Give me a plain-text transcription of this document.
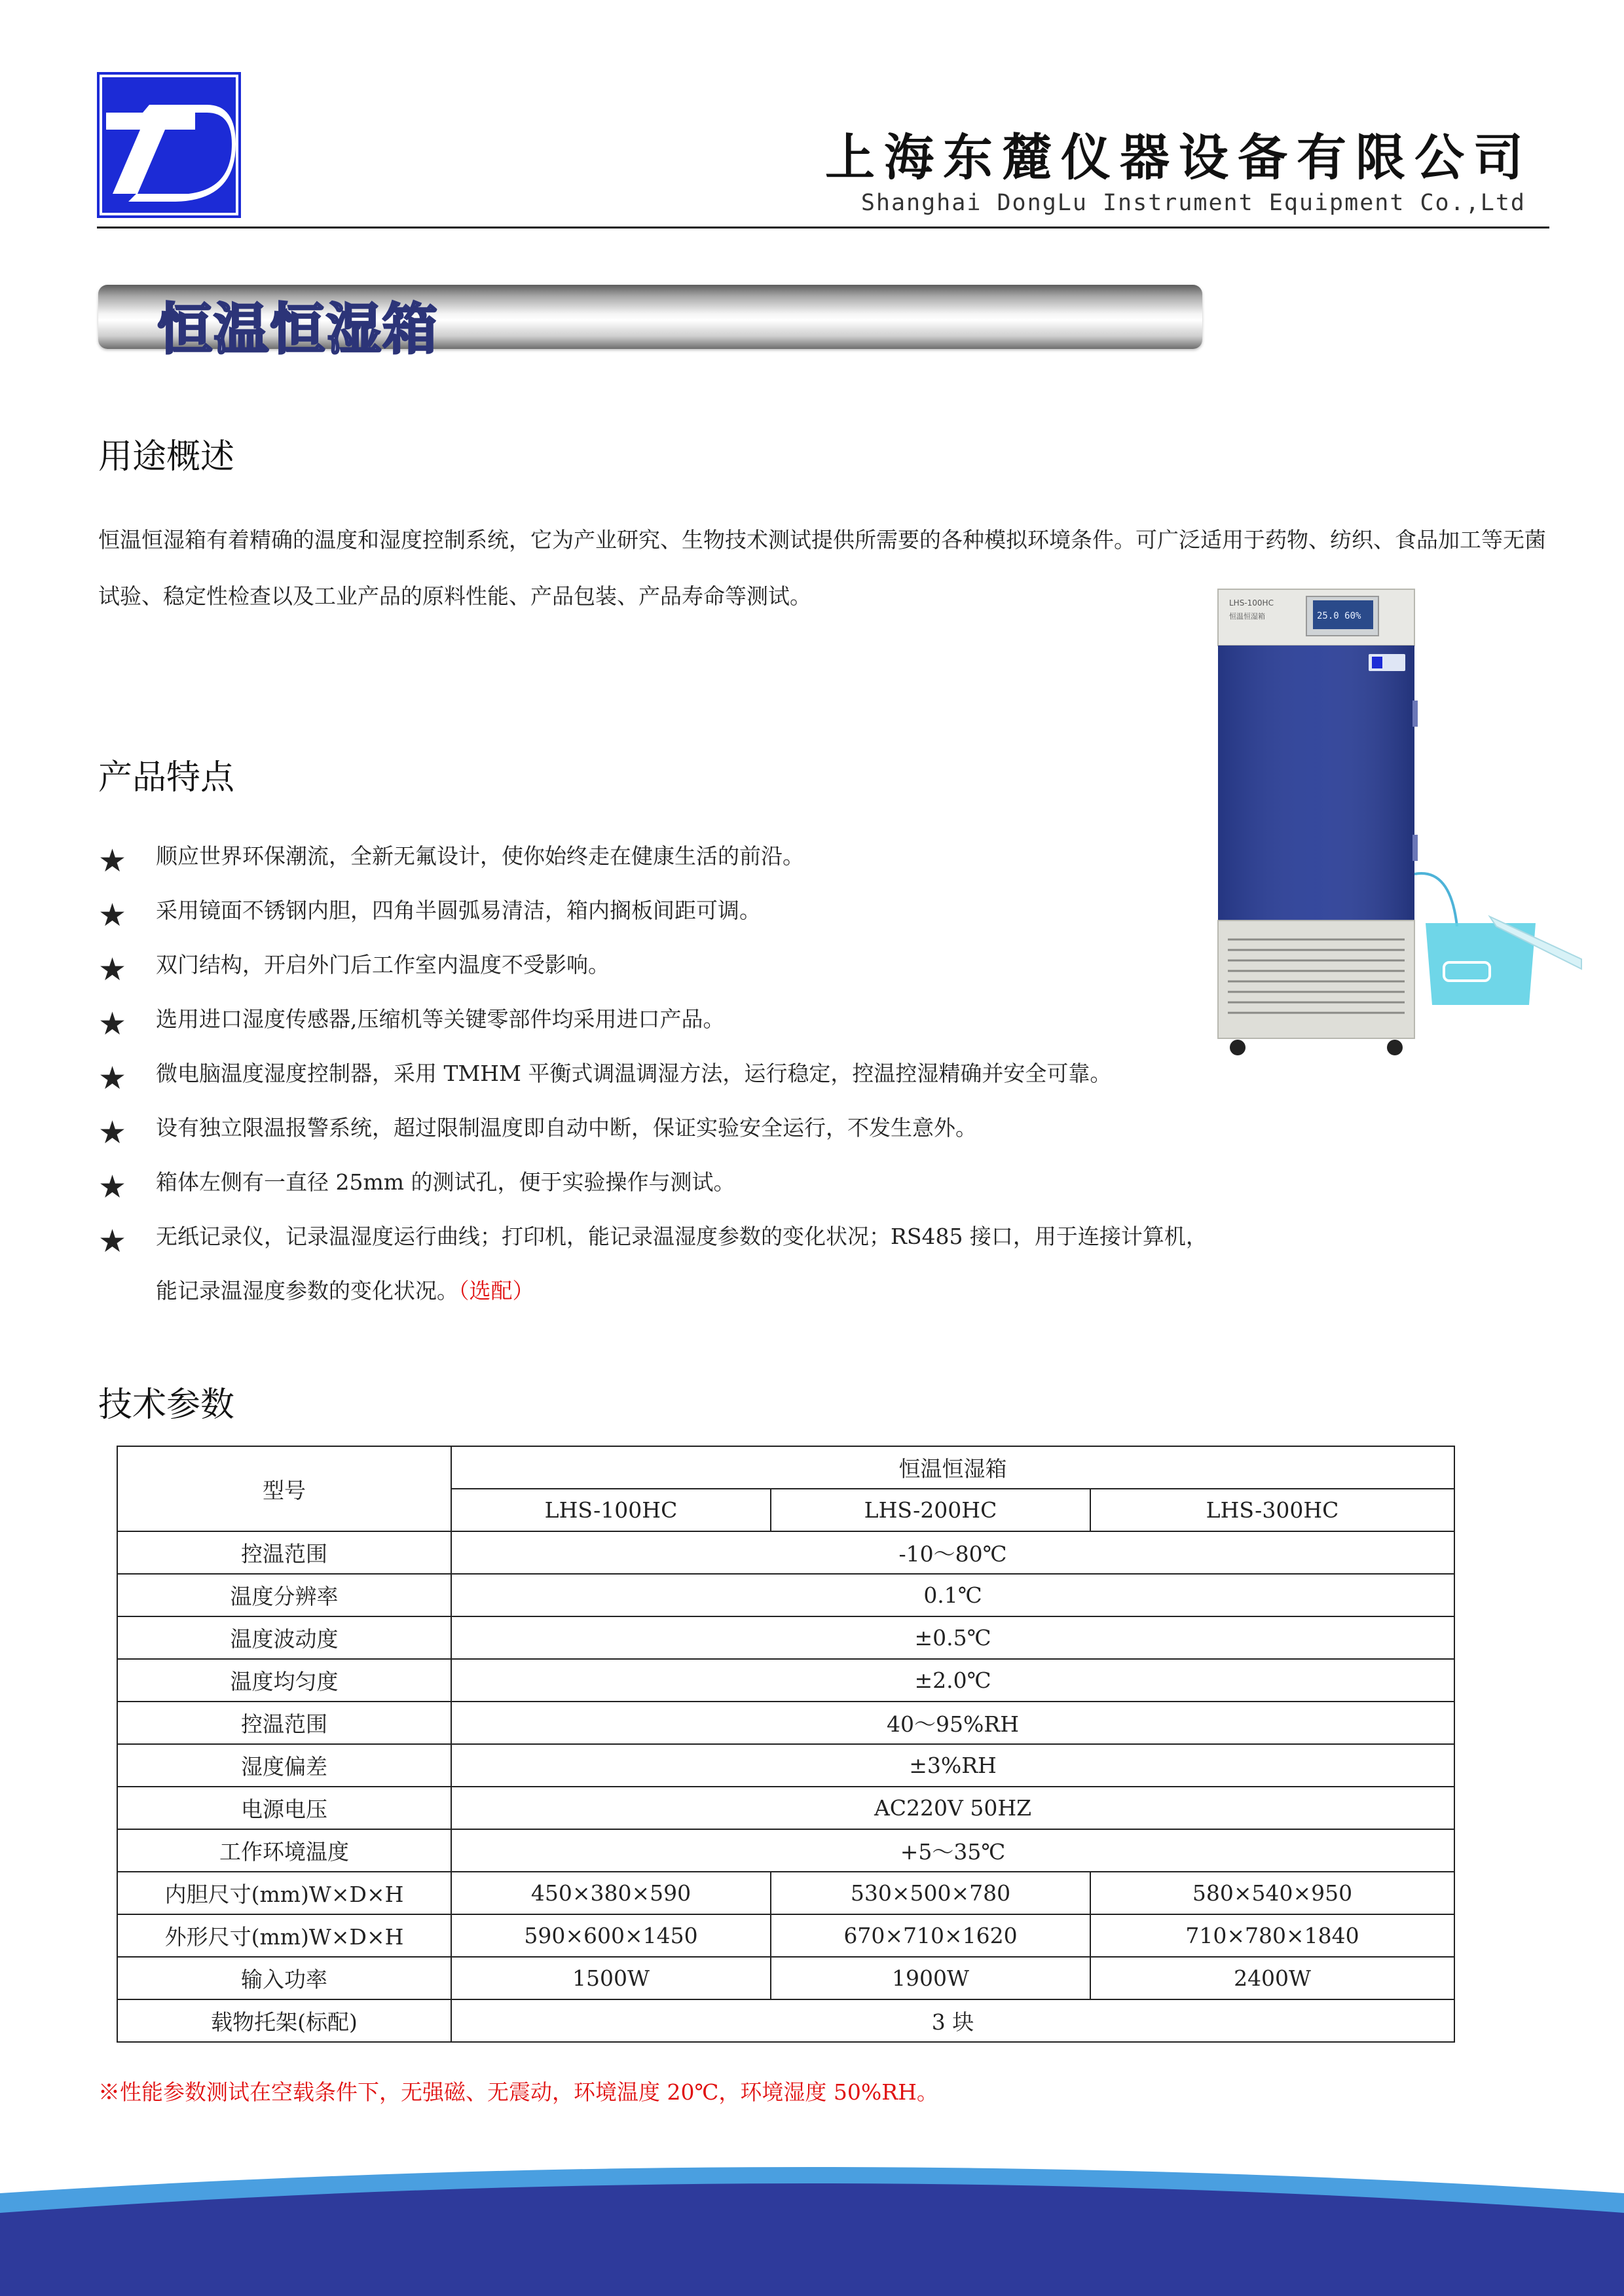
上海东麓仪器设备有限公司
Shanghai DongLu Instrument Equipment Co.,Ltd
恒温恒湿箱
用途概述
恒温恒湿箱有着精确的温度和湿度控制系统，它为产业研究、生物技术测试提供所需要的各种模拟环境条件。可广泛适用于药物、纺织、食品加工等无菌试验、稳定性检查以及工业产品的原料性能、产品包装、产品寿命等测试。	LHS-100HC
恒温恒湿箱	25.0 60%
产品特点
★ 顺应世界环保潮流，全新无氟设计，使你始终走在健康生活的前沿。
★ 采用镜面不锈钢内胆，四角半圆弧易清洁，箱内搁板间距可调。
★ 双门结构，开启外门后工作室内温度不受影响。
★ 选用进口湿度传感器,压缩机等关键零部件均采用进口产品。
★ 微电脑温度湿度控制器，采用 TMHM 平衡式调温调湿方法，运行稳定，控温控湿精确并安全可靠。
★ 设有独立限温报警系统，超过限制温度即自动中断，保证实验安全运行，不发生意外。
★ 箱体左侧有一直径 25mm 的测试孔，便于实验操作与测试。
★ 无纸记录仪，记录温湿度运行曲线；打印机，能记录温湿度参数的变化状况；RS485 接口，用于连接计算机，
能记录温湿度参数的变化状况。（选配）
技术参数
型号	恒温恒湿箱		
	LHS-100HC	LHS-200HC	LHS-300HC
控温范围	-10～80℃		
温度分辨率	0.1℃		
温度波动度	±0.5℃		
温度均匀度	±2.0℃		
控温范围	40～95%RH		
湿度偏差	±3%RH		
电源电压	AC220V 50HZ		
工作环境温度	+5～35℃		
内胆尺寸(mm)W×D×H	450×380×590	530×500×780	580×540×950
外形尺寸(mm)W×D×H	590×600×1450	670×710×1620	710×780×1840
输入功率	1500W	1900W	2400W
载物托架(标配)	3 块		
※性能参数测试在空载条件下，无强磁、无震动，环境温度 20℃，环境湿度 50%RH。
